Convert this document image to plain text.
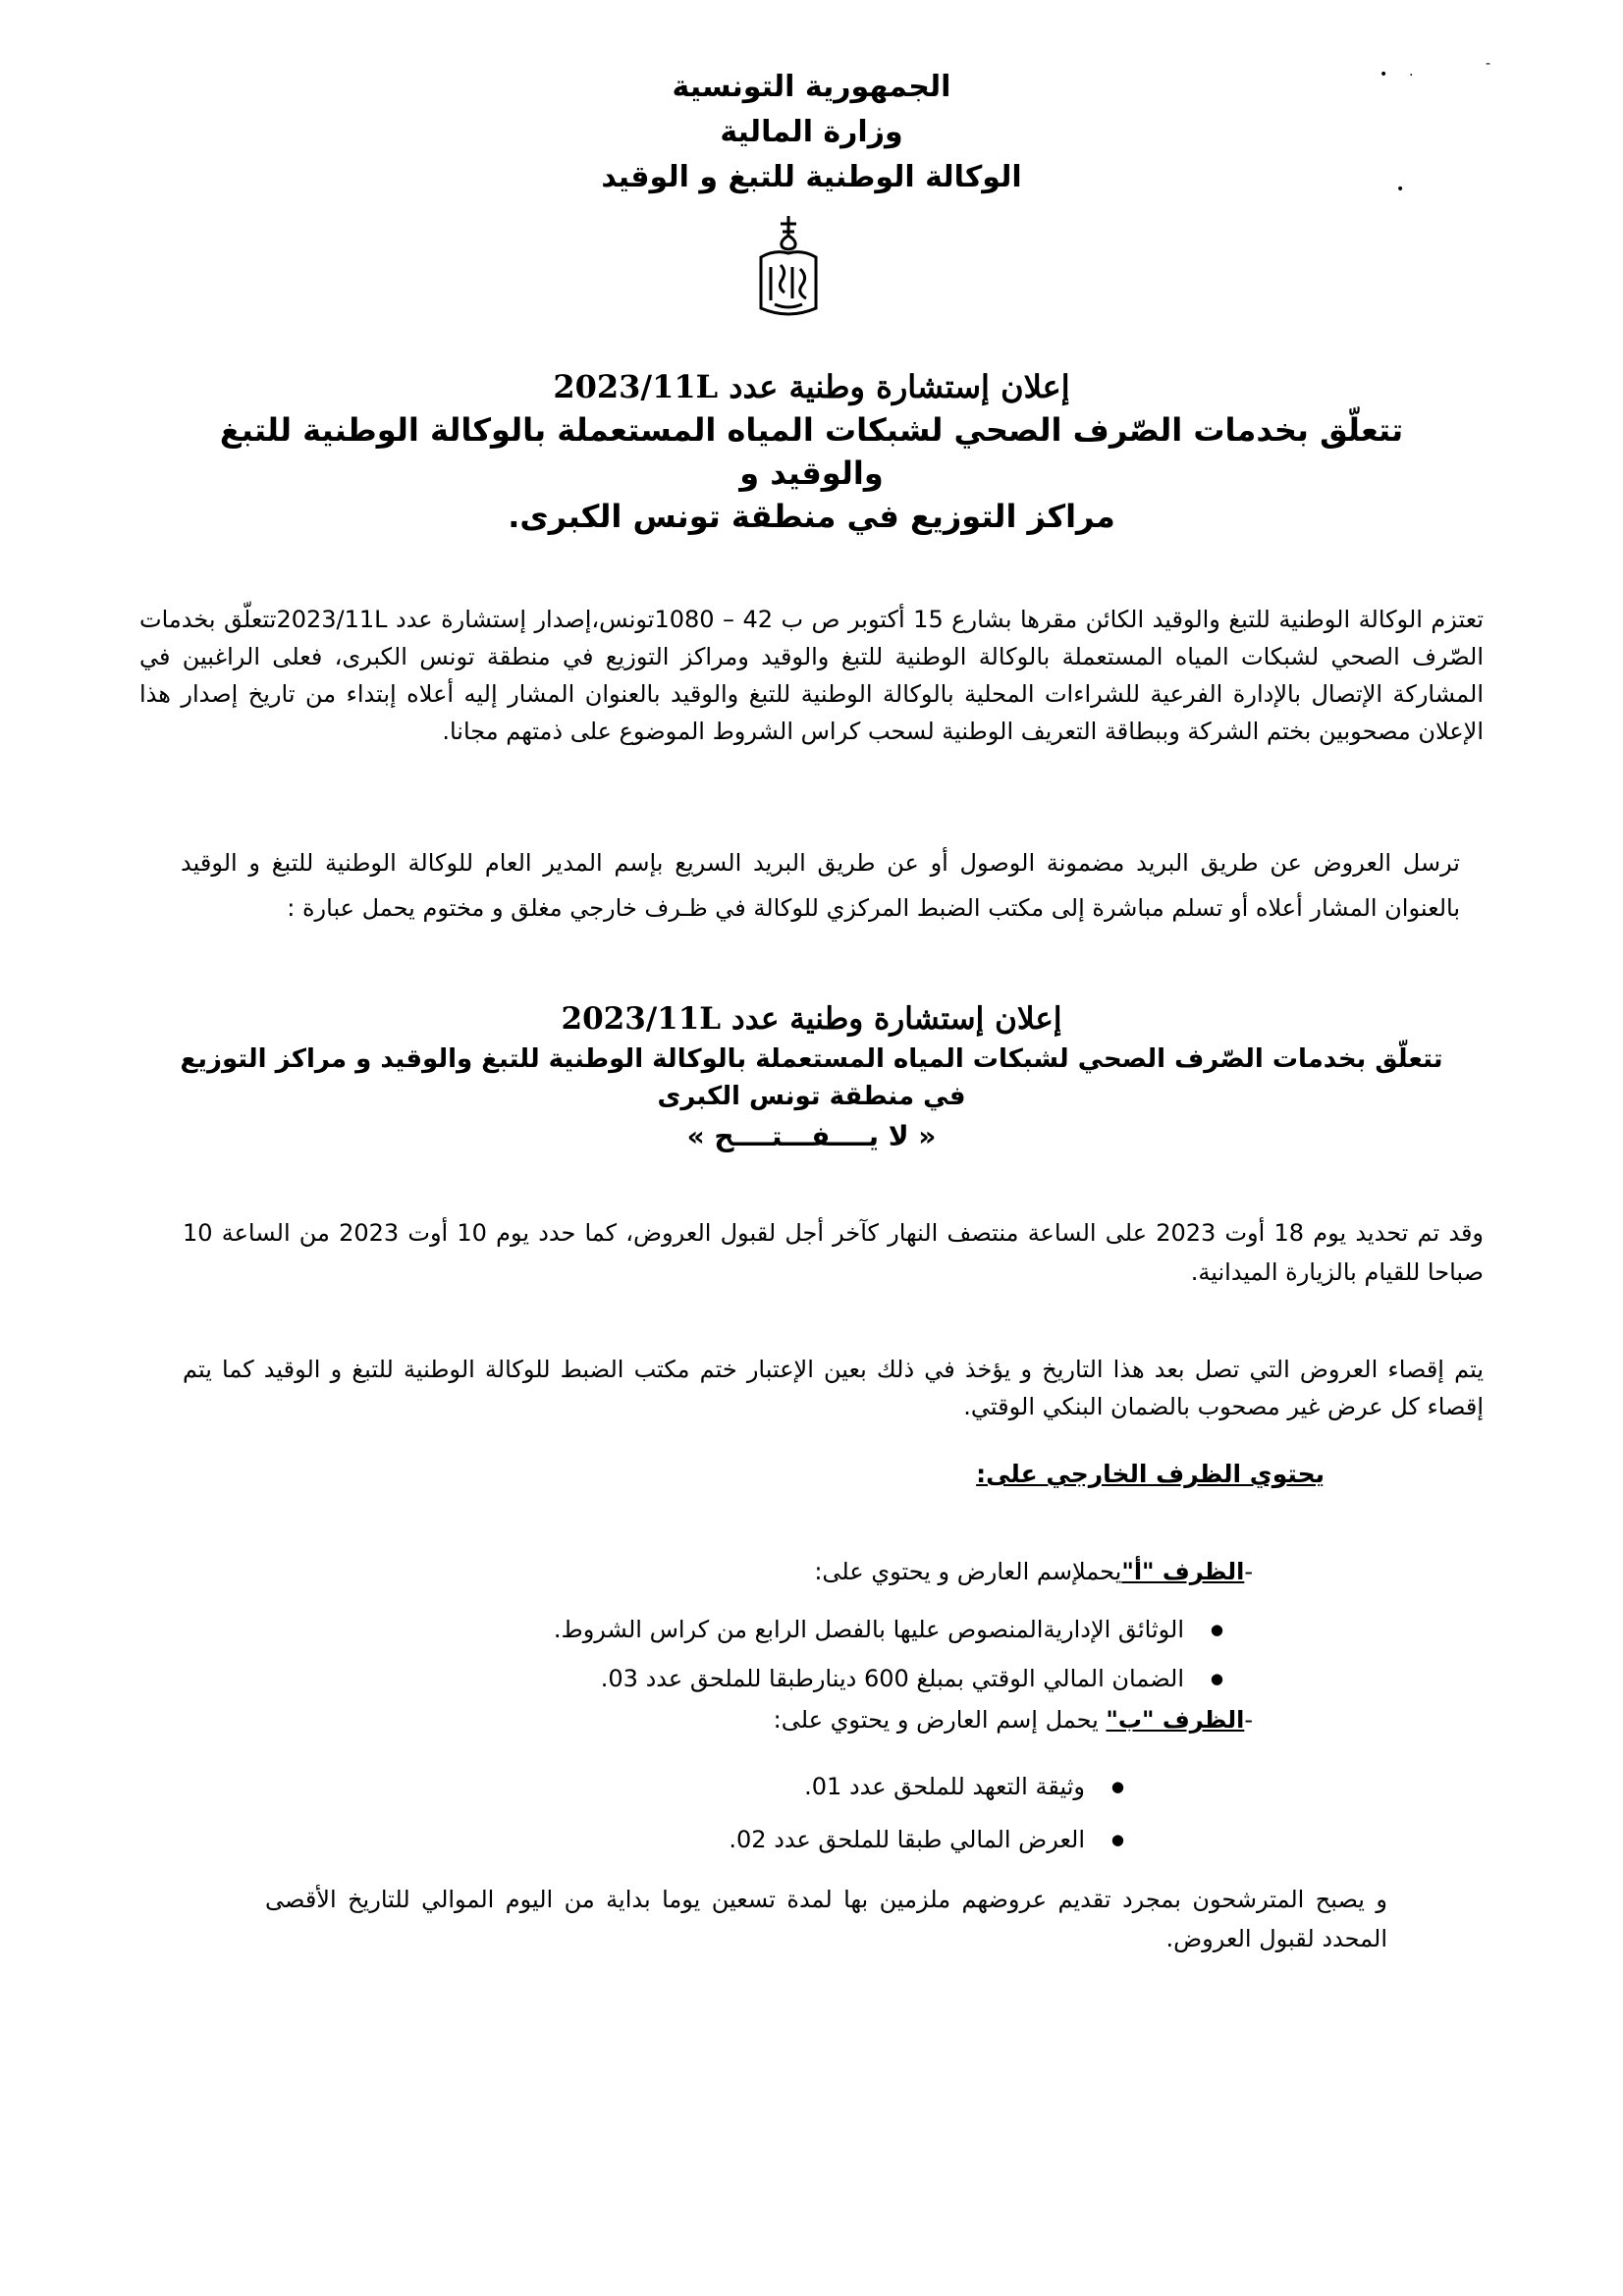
-
·
•
•
الجمهورية التونسية
وزارة المالية
الوكالة الوطنية للتبغ و الوقيد
إعلان إستشارة وطنية عدد 2023/11L
تتعلّق بخدمات الصّرف الصحي لشبكات المياه المستعملة بالوكالة الوطنية للتبغ والوقيد و
مراكز التوزيع في منطقة تونس الكبرى.
تعتزم الوكالة الوطنية للتبغ والوقيد الكائن مقرها بشارع 15 أكتوبر ص ب 42 – 1080تونس،إصدار إستشارة عدد 2023/11Lتتعلّق بخدمات الصّرف الصحي لشبكات المياه المستعملة بالوكالة الوطنية للتبغ والوقيد ومراكز التوزيع في منطقة تونس الكبرى، فعلى الراغبين في المشاركة الإتصال بالإدارة الفرعية للشراءات المحلية بالوكالة الوطنية للتبغ والوقيد بالعنوان المشار إليه أعلاه إبتداء من تاريخ إصدار هذا الإعلان مصحوبين بختم الشركة وببطاقة التعريف الوطنية لسحب كراس الشروط الموضوع على ذمتهم مجانا.
ترسل العروض عن طريق البريد مضمونة الوصول أو عن طريق البريد السريع بإسم المدير العام للوكالة الوطنية للتبغ و الوقيد بالعنوان المشار أعلاه أو تسلم مباشرة إلى مكتب الضبط المركزي للوكالة في ظـرف خارجي مغلق و مختوم يحمل عبارة :
إعلان إستشارة وطنية عدد 2023/11L
تتعلّق بخدمات الصّرف الصحي لشبكات المياه المستعملة بالوكالة الوطنية للتبغ والوقيد و مراكز التوزيع
في منطقة تونس الكبرى
« لا يــــفـــتــــح »
وقد تم تحديد يوم 18 أوت 2023 على الساعة منتصف النهار كآخر أجل لقبول العروض، كما حدد يوم 10 أوت 2023 من الساعة 10 صباحا للقيام بالزيارة الميدانية.
يتم إقصاء العروض التي تصل بعد هذا التاريخ و يؤخذ في ذلك بعين الإعتبار ختم مكتب الضبط للوكالة الوطنية للتبغ و الوقيد كما يتم إقصاء كل عرض غير مصحوب بالضمان البنكي الوقتي.
يحتوي الظرف الخارجي على:
-الظرف "أ"يحملإسم العارض و يحتوي على:
● الوثائق الإداريةالمنصوص عليها بالفصل الرابع من كراس الشروط.
● الضمان المالي الوقتي بمبلغ 600 دينارطبقا للملحق عدد 03.
-الظرف "ب" يحمل إسم العارض و يحتوي على:
● وثيقة التعهد للملحق عدد 01.
● العرض المالي طبقا للملحق عدد 02.
و يصبح المترشحون بمجرد تقديم عروضهم ملزمين بها لمدة تسعين يوما بداية من اليوم الموالي للتاريخ الأقصى المحدد لقبول العروض.
